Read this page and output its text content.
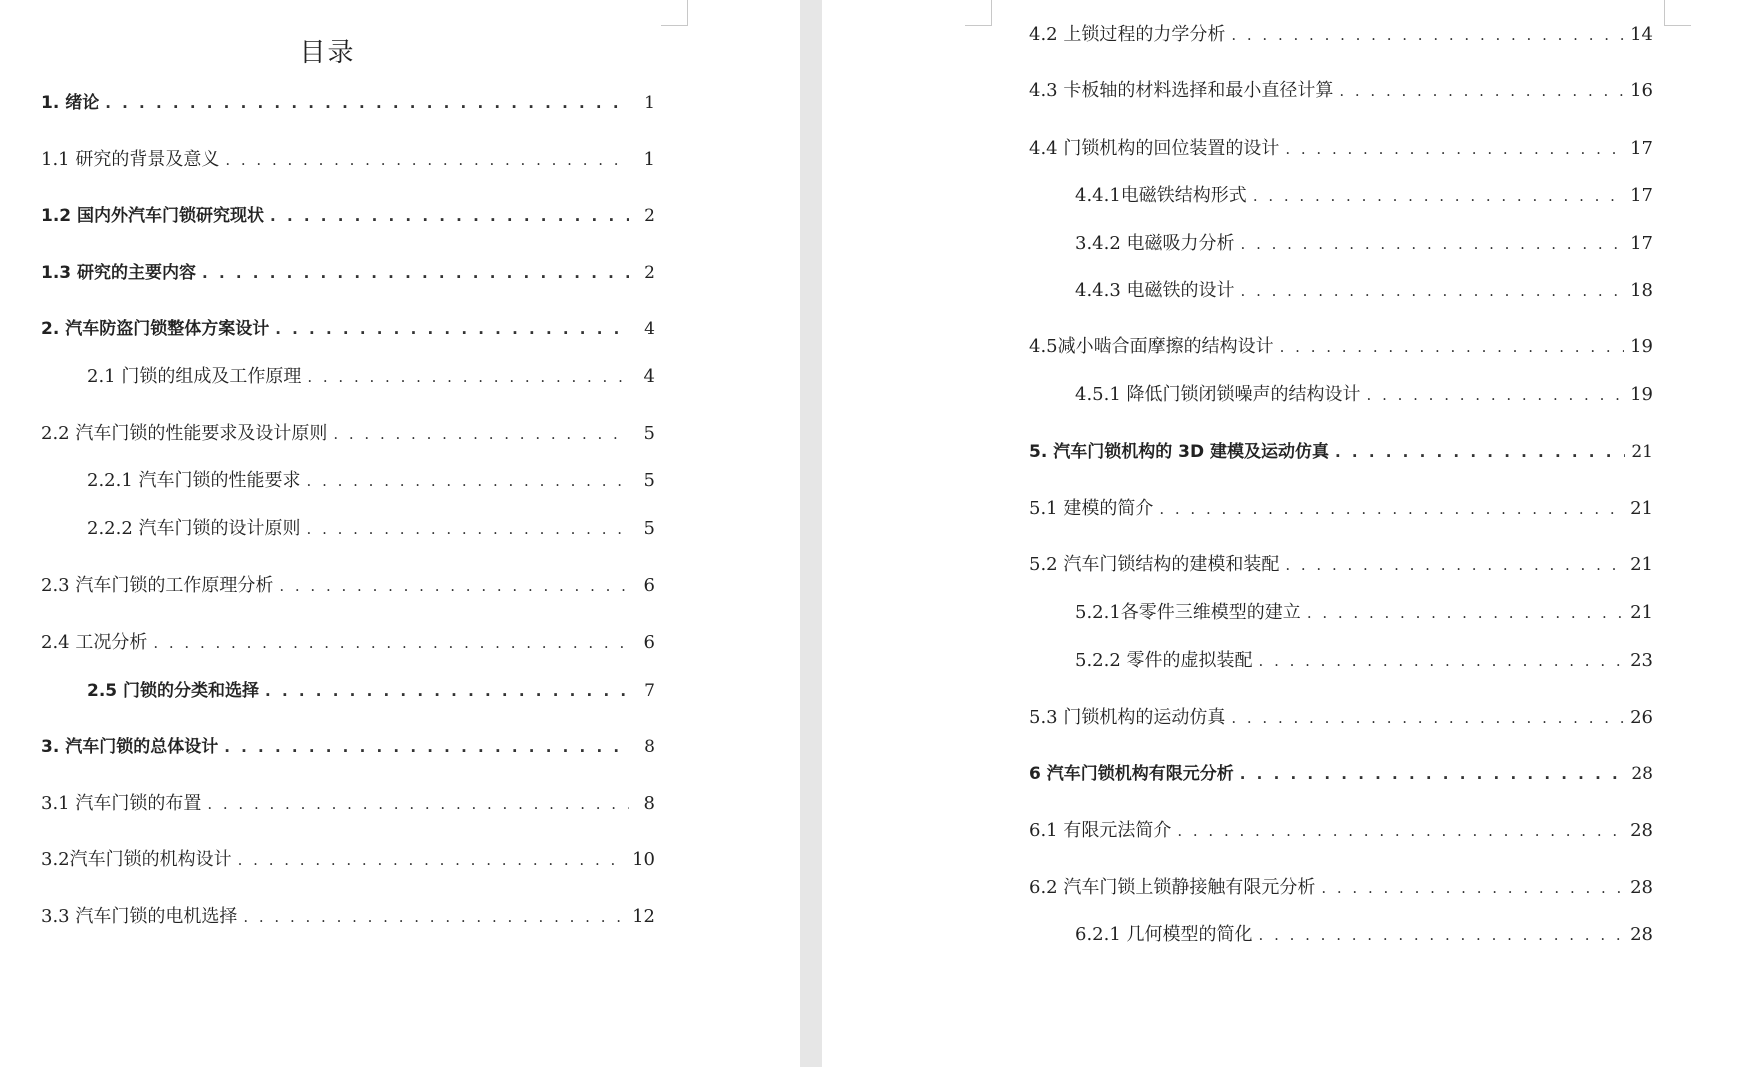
目录
1. 绪论 . . .	1
1.1 研究的背景及意义 . . .	1
1.2 国内外汽车门锁研究现状 . . .	2
1.3 研究的主要内容 . . .	2
2. 汽车防盗门锁整体方案设计 . . .	4
2.1 门锁的组成及工作原理 . . .	4
2.2 汽车门锁的性能要求及设计原则 . . .	5
2.2.1 汽车门锁的性能要求 . . .	5
2.2.2 汽车门锁的设计原则 . . .	5
2.3 汽车门锁的工作原理分析 . . .	6
2.4 工况分析 . . .	6
2.5 门锁的分类和选择 . . .	7
3. 汽车门锁的总体设计 . . .	8
3.1 汽车门锁的布置 . . .	8
3.2汽车门锁的机构设计 . . .	10
3.3 汽车门锁的电机选择 . . .	12
4.2 上锁过程的力学分析 . . .	14
4.3 卡板轴的材料选择和最小直径计算 . . .	16
4.4 门锁机构的回位装置的设计 . . .	17
4.4.1电磁铁结构形式 . . .	17
3.4.2 电磁吸力分析 . . .	17
4.4.3 电磁铁的设计 . . .	18
4.5减小啮合面摩擦的结构设计 . . .	19
4.5.1 降低门锁闭锁噪声的结构设计 . . .	19
5. 汽车门锁机构的 3D 建模及运动仿真 . . .	21
5.1 建模的简介 . . .	21
5.2 汽车门锁结构的建模和装配 . . .	21
5.2.1各零件三维模型的建立 . . .	21
5.2.2 零件的虚拟装配 . . .	23
5.3 门锁机构的运动仿真 . . .	26
6 汽车门锁机构有限元分析 . . .	28
6.1 有限元法简介 . . .	28
6.2 汽车门锁上锁静接触有限元分析 . . .	28
6.2.1 几何模型的简化 . . .	28
